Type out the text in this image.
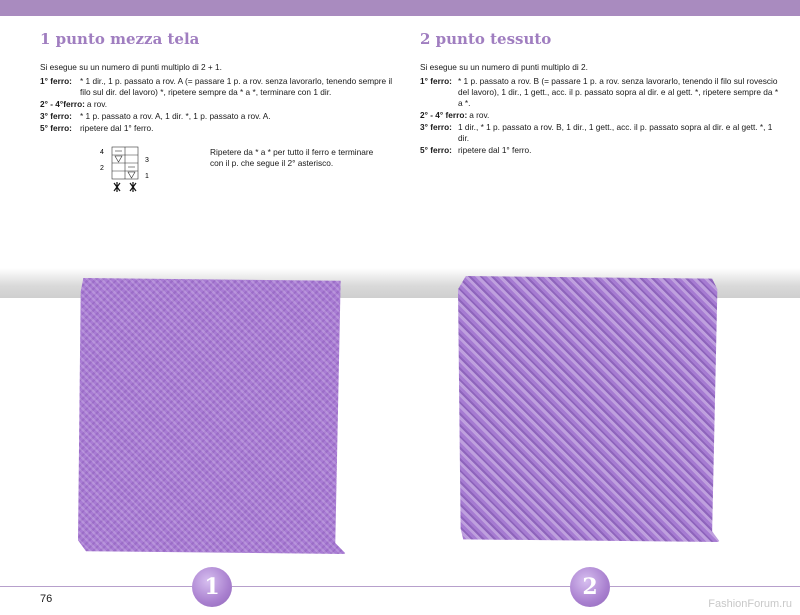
1 punto mezza tela

Si esegue su un numero di punti multiplo di 2 + 1.

1° ferro: * 1 dir., 1 p. passato a rov. A (= passare 1 p. a rov. senza lavorarlo, tenendo sempre il filo sul dir. del lavoro) *, ripetere sempre da * a *, terminare con 1 dir.
2° - 4°ferro: a rov.
3° ferro: * 1 p. passato a rov. A, 1 dir. *, 1 p. passato a rov. A.
5° ferro: ripetere dal 1° ferro.
4
2
3
1
Ripetere da * a * per tutto il ferro e terminare con il p. che segue il 2° asterisco.
2 punto tessuto

Si esegue su un numero di punti multiplo di 2.

1° ferro: * 1 p. passato a rov. B (= passare 1 p. a rov. senza lavorarlo, tenendo il filo sul rovescio del lavoro), 1 dir., 1 gett., acc. il p. passato sopra al dir. e al gett. *, ripetere sempre da * a *.
2° - 4° ferro: a rov.
3° ferro: 1 dir., * 1 p. passato a rov. B, 1 dir., 1 gett., acc. il p. passato sopra al dir. e al gett. *, 1 dir.
5° ferro: ripetere dal 1° ferro.
1	2
76	FashionForum.ru
